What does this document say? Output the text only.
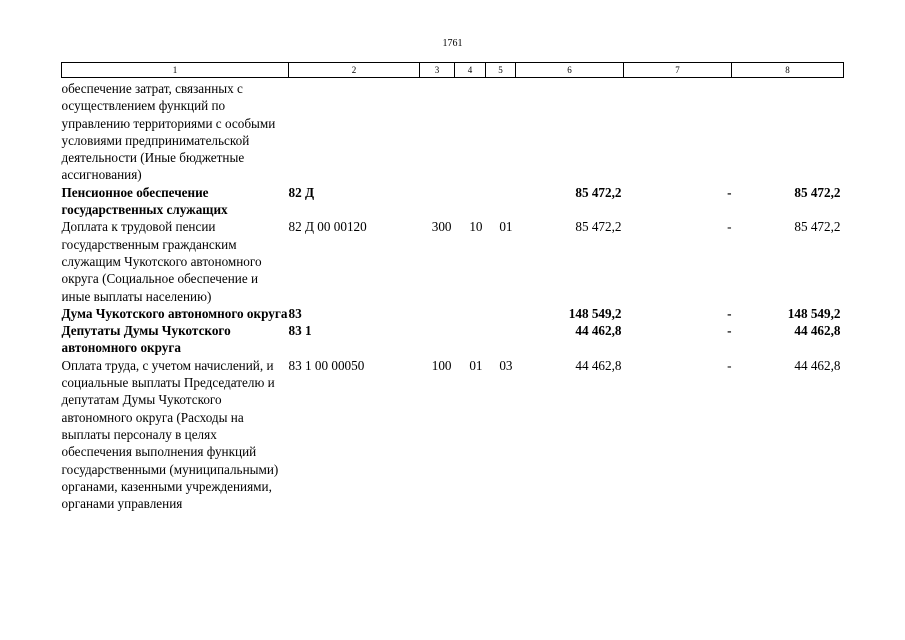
1761
1	2	3	4	5	6	7	8
обеспечение затрат, связанных с осуществлением функций по управлению территориями с особыми условиями предпринимательской деятельности (Иные бюджетные ассигнования)							
Пенсионное обеспечение государственных служащих	82 Д				85 472,2	-	85 472,2
Доплата к трудовой пенсии государственным гражданским служащим Чукотского автономного округа (Социальное обеспечение и иные выплаты населению)	82 Д 00 00120	300	10	01	85 472,2	-	85 472,2
Дума Чукотского автономного округа	83				148 549,2	-	148 549,2
Депутаты Думы Чукотского автономного округа	83 1				44 462,8	-	44 462,8
Оплата труда, с учетом начислений, и социальные выплаты Председателю и депутатам Думы Чукотского автономного округа (Расходы на выплаты персоналу в целях обеспечения выполнения функций государственными (муниципальными) органами, казенными учреждениями, органами управления	83 1 00 00050	100	01	03	44 462,8	-	44 462,8
